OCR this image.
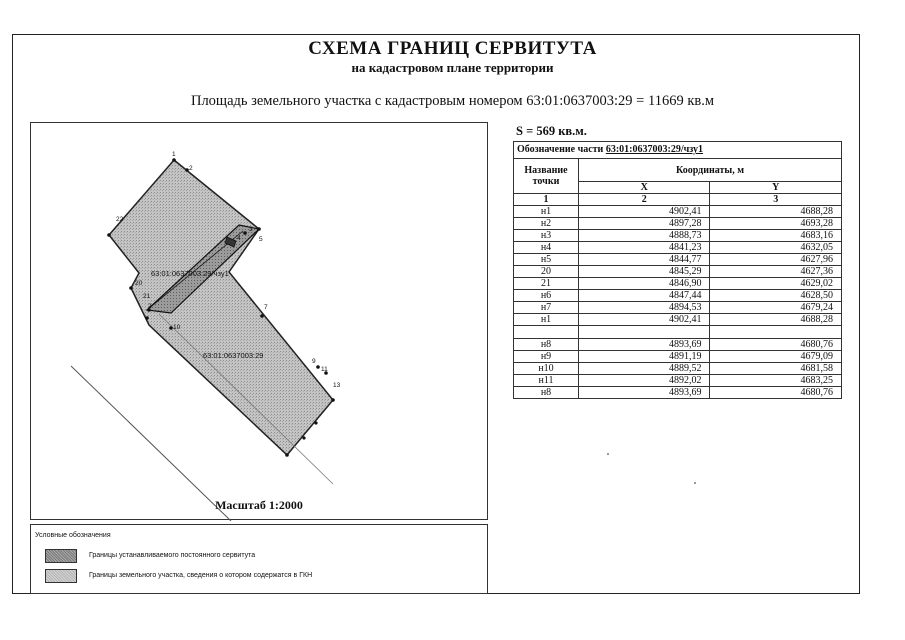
СХЕМА ГРАНИЦ СЕРВИТУТА
на кадастровом плане территории
Площадь земельного участка с кадастровым номером 63:01:0637003:29 = 11669 кв.м
1
2
3
4	5
7
9
11
13
20
21
22
2
10
63:01:0637003:29/чзу1
63:01:0637003:29
Масштаб 1:2000
S = 569 кв.м.
Обозначение части 63:01:0637003:29/чзу1		
Название точки	Координаты, м	
	X	Y
1	2	3
н1	4902,41	4688,28
н2	4897,28	4693,28
н3	4888,73	4683,16
н4	4841,23	4632,05
н5	4844,77	4627,96
20	4845,29	4627,36
21	4846,90	4629,02
н6	4847,44	4628,50
н7	4894,53	4679,24
н1	4902,41	4688,28

н8	4893,69	4680,76
н9	4891,19	4679,09
н10	4889,52	4681,58
н11	4892,02	4683,25
н8	4893,69	4680,76
Условные обозначения
Границы устанавливаемого постоянного сервитута
Границы земельного участка, сведения о котором содержатся в ГКН
